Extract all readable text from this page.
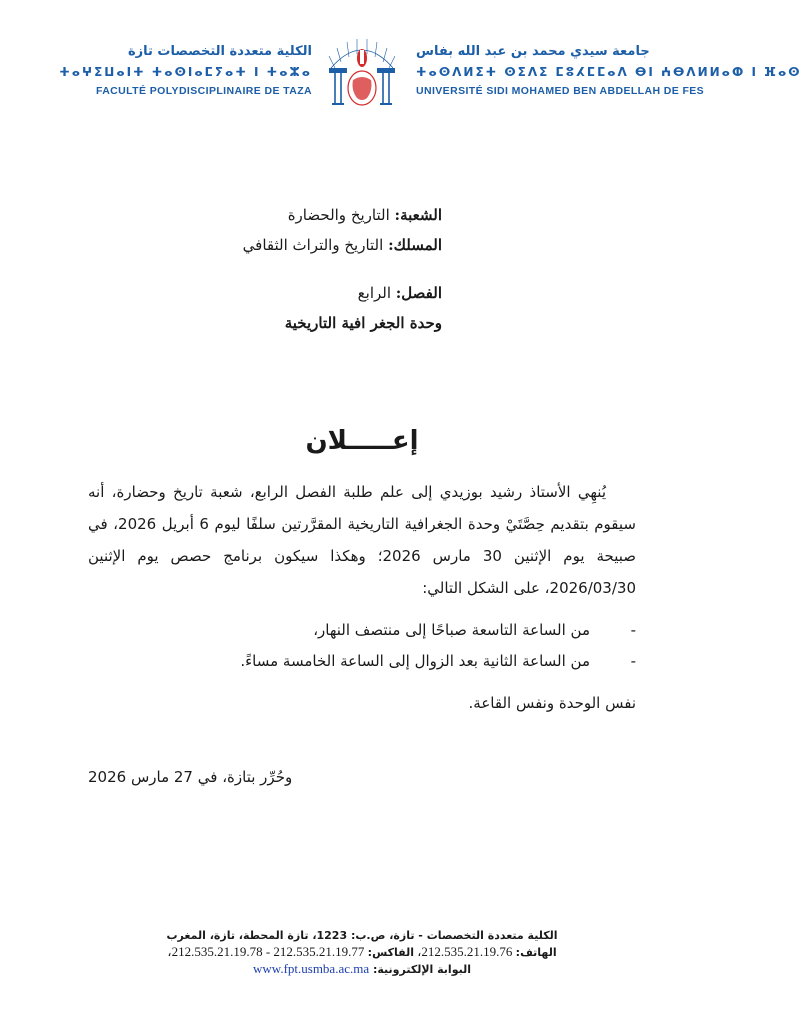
الكلية متعددة التخصصات تازة
ⵜⴰⵖⵉⵡⴰⵏⵜ ⵜⴰⵙⵏⴰⵎⵢⴰⵜ ⵏ ⵜⴰⵣⴰ
FACULTÉ POLYDISCIPLINAIRE DE TAZA
جامعة سيدي محمد بن عبد الله بفاس
ⵜⴰⵙⴷⵍⵉⵜ ⵙⵉⴷⵉ ⵎⵓⵃⵎⵎⴰⴷ ⴱⵏ ⵄⴱⴷⵍⵍⴰⵀ ⵏ ⴼⴰⵙ
UNIVERSITÉ SIDI MOHAMED BEN ABDELLAH DE FES
الشعبة: التاريخ والحضارة
المسلك: التاريخ والتراث الثقافي
الفصل: الرابع
وحدة الجغر افية التاريخية
إعـــــلان

يُنهِي الأستاذ رشيد بوزيدي إلى علم طلبة الفصل الرابع، شعبة تاريخ وحضارة، أنه سيقوم بتقديم حِصَّتَيْ وحدة الجغرافية التاريخية المقرَّرتين سلفًا ليوم 6 أبريل 2026، في صبيحة يوم الإثنين 30 مارس 2026؛ وهكذا سيكون برنامج حصص يوم الإثنين 2026/03/30، على الشكل التالي:

-
من الساعة التاسعة صباحًا إلى منتصف النهار،
-
من الساعة الثانية بعد الزوال إلى الساعة الخامسة مساءً.
نفس الوحدة ونفس القاعة.
وحُرِّر بتازة، في 27 مارس 2026
الكلية متعددة التخصصات - تازة، ص.ب: 1223، تازة المحطة، تازة، المغرب
الهاتف: 212.535.21.19.76، الفاكس: 212.535.21.19.77 - 212.535.21.19.78،
البوابة الإلكترونية: www.fpt.usmba.ac.ma
